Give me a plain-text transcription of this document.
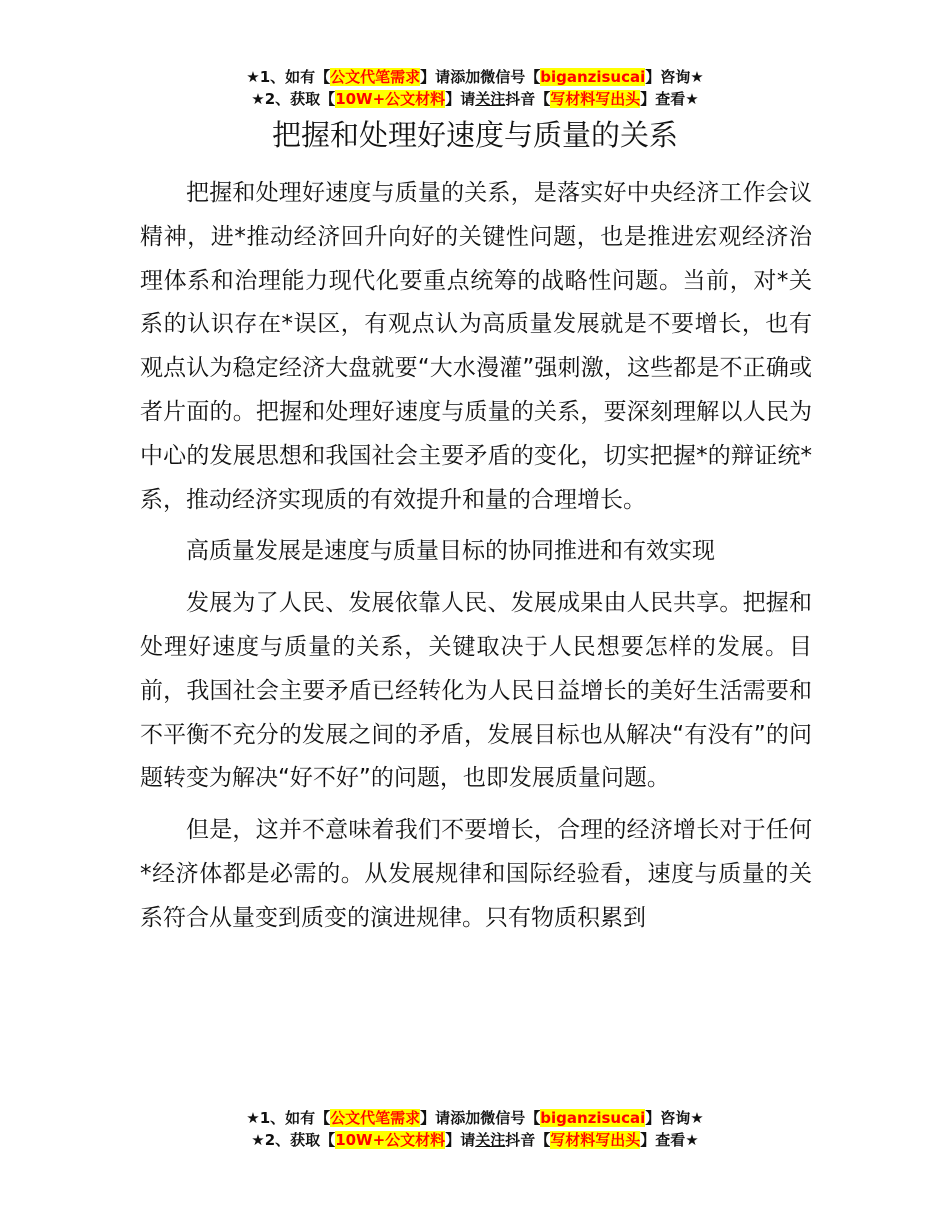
★1、如有【公文代笔需求】请添加微信号【biganzisucai】咨询★
★2、获取【10W+公文材料】请关注抖音【写材料写出头】查看★
把握和处理好速度与质量的关系

把握和处理好速度与质量的关系，是落实好中央经济工作会议精神，进*推动经济回升向好的关键性问题，也是推进宏观经济治理体系和治理能力现代化要重点统筹的战略性问题。当前，对*关系的认识存在*误区，有观点认为高质量发展就是不要增长，也有观点认为稳定经济大盘就要“大水漫灌”强刺激，这些都是不正确或者片面的。把握和处理好速度与质量的关系，要深刻理解以人民为中心的发展思想和我国社会主要矛盾的变化，切实把握*的辩证统*系，推动经济实现质的有效提升和量的合理增长。

高质量发展是速度与质量目标的协同推进和有效实现

发展为了人民、发展依靠人民、发展成果由人民共享。把握和处理好速度与质量的关系，关键取决于人民想要怎样的发展。目前，我国社会主要矛盾已经转化为人民日益增长的美好生活需要和不平衡不充分的发展之间的矛盾，发展目标也从解决“有没有”的问题转变为解决“好不好”的问题，也即发展质量问题。

但是，这并不意味着我们不要增长，合理的经济增长对于任何*经济体都是必需的。从发展规律和国际经验看，速度与质量的关系符合从量变到质变的演进规律。只有物质积累到

★1、如有【公文代笔需求】请添加微信号【biganzisucai】咨询★
★2、获取【10W+公文材料】请关注抖音【写材料写出头】查看★
